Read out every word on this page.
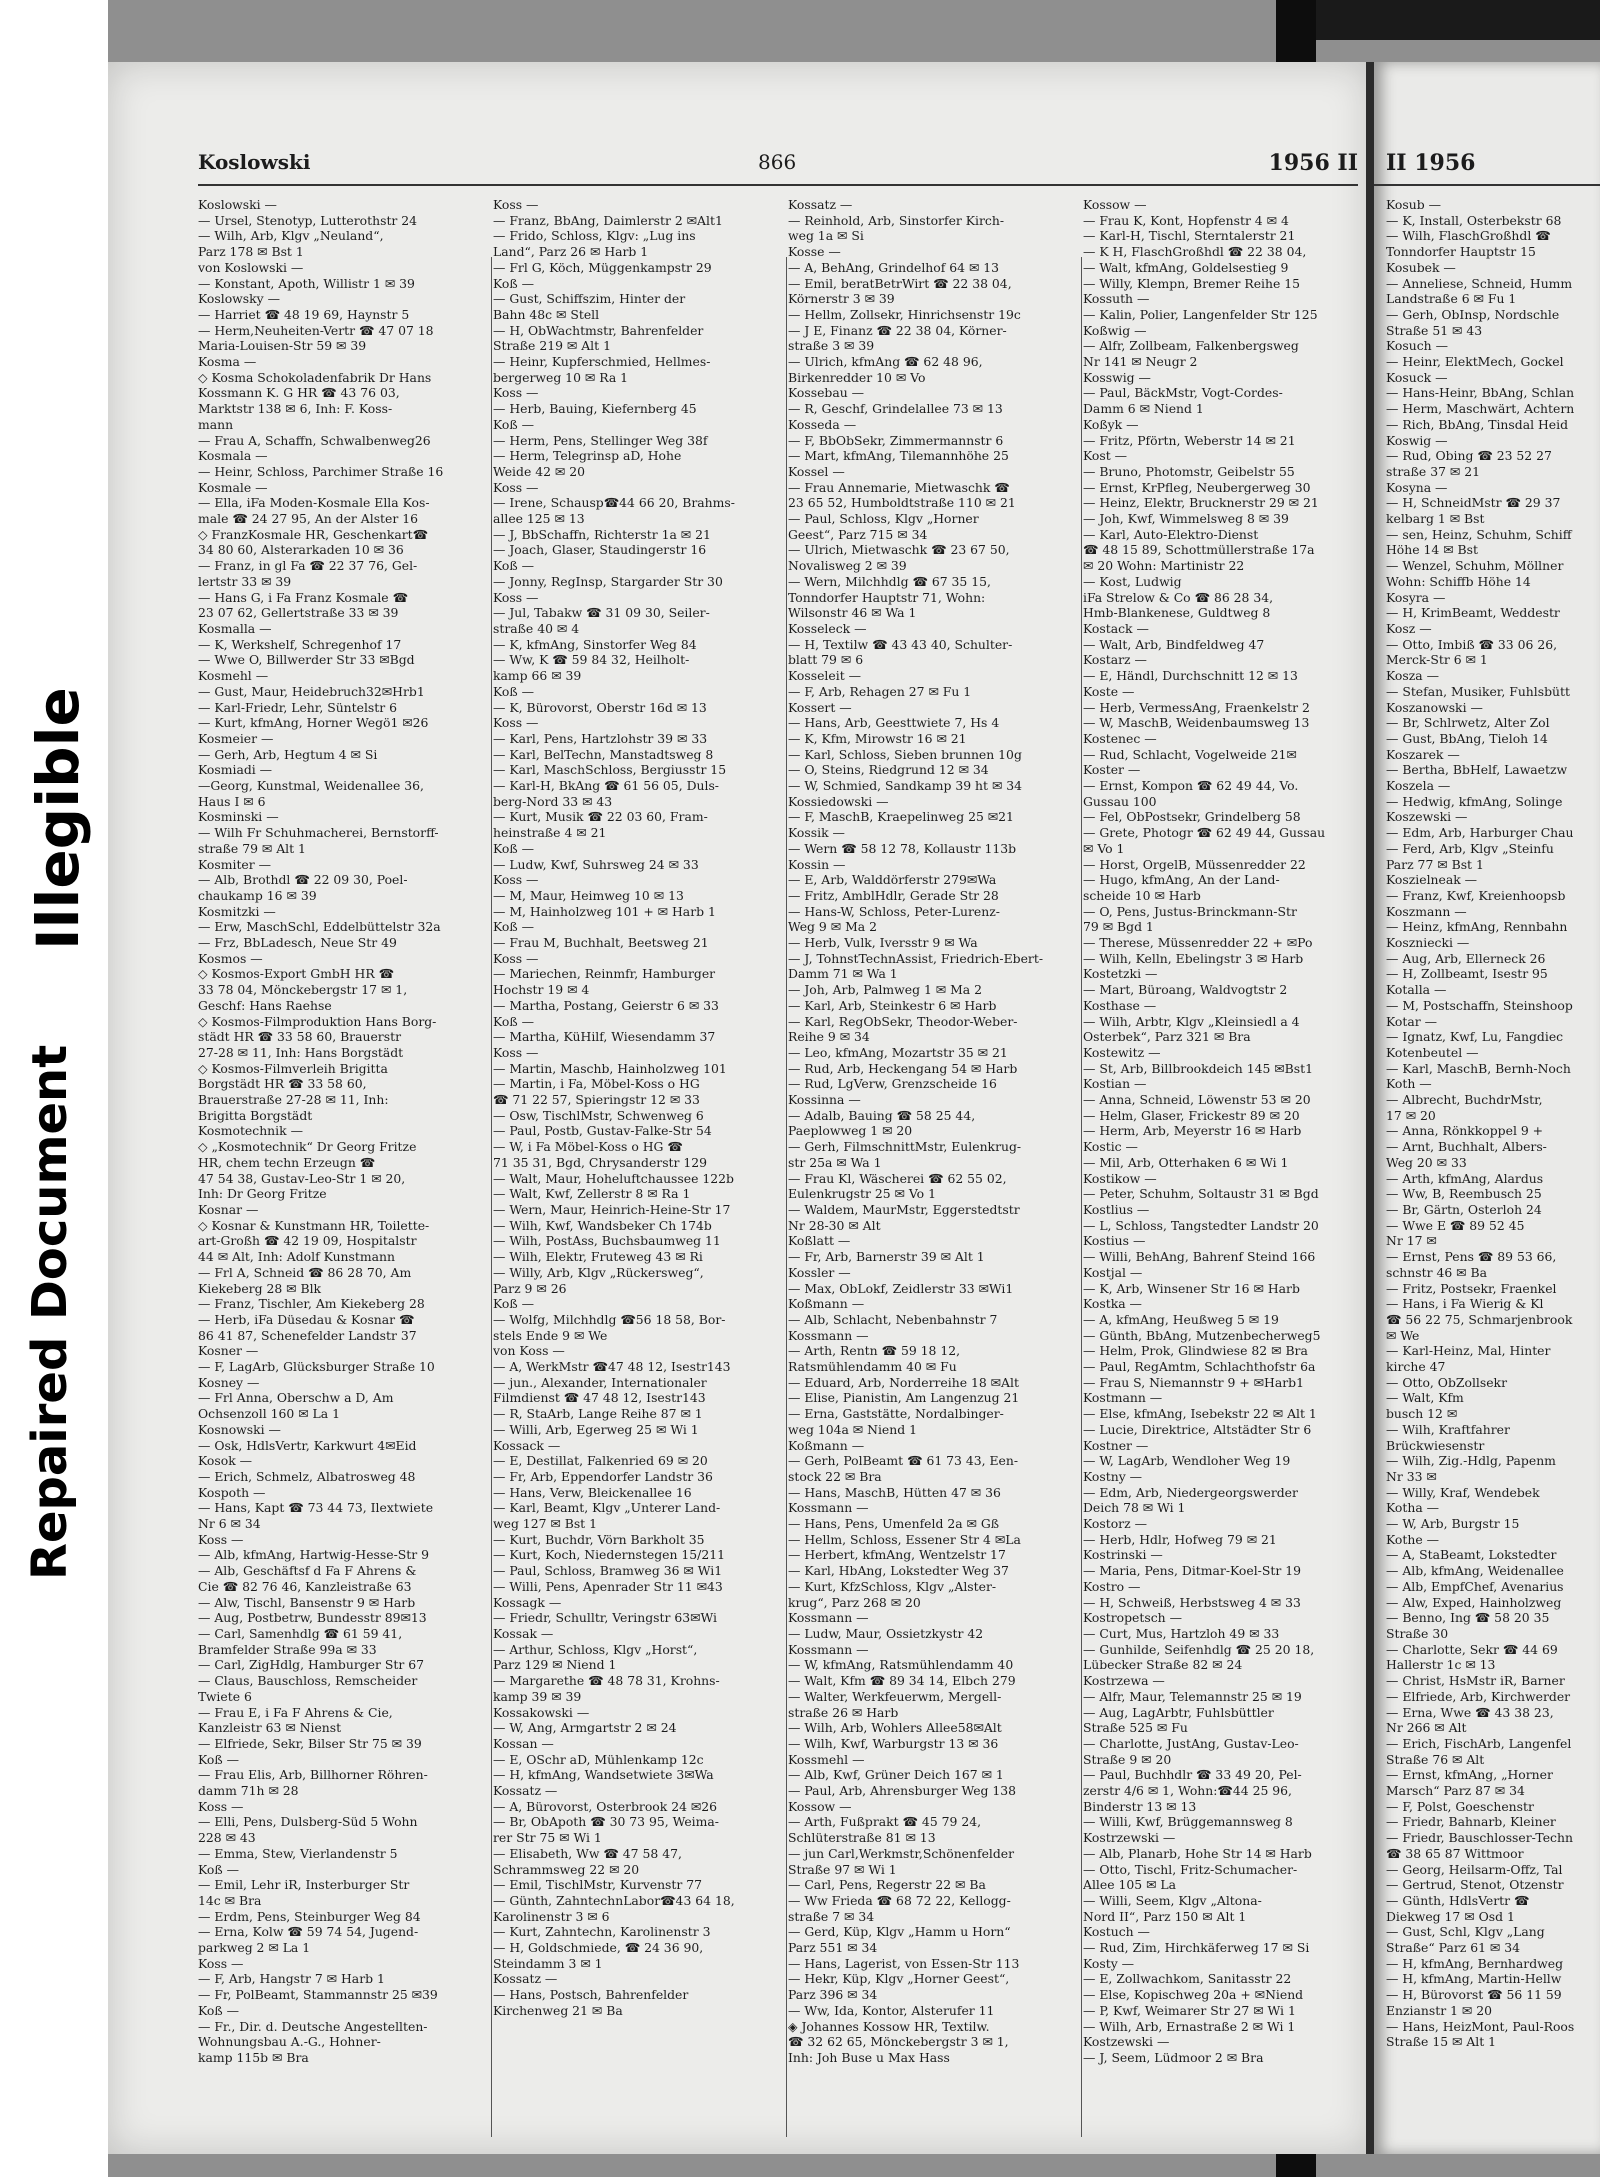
Illegible
Repaired Document
Koslowski	866	1956 II
Koslowski —
— Ursel, Stenotyp, Lutterothstr 24
— Wilh, Arb, Klgv „Neuland“,
Parz 178 ✉ Bst 1
von Koslowski —
— Konstant, Apoth, Willistr 1 ✉ 39
Koslowsky —
— Harriet ☎ 48 19 69, Haynstr 5
— Herm,Neuheiten-Vertr ☎ 47 07 18
Maria-Louisen-Str 59 ✉ 39
Kosma —
◇ Kosma Schokoladenfabrik Dr Hans
Kossmann K. G HR ☎ 43 76 03,
Marktstr 138 ✉ 6, Inh: F. Koss-
mann
— Frau A, Schaffn, Schwalbenweg26
Kosmala —
— Heinr, Schloss, Parchimer Straße 16
Kosmale —
— Ella, iFa Moden-Kosmale Ella Kos-
male ☎ 24 27 95, An der Alster 16
◇ FranzKosmale HR, Geschenkart☎
34 80 60, Alsterarkaden 10 ✉ 36
— Franz, in gl Fa ☎ 22 37 76, Gel-
lertstr 33 ✉ 39
— Hans G, i Fa Franz Kosmale ☎
23 07 62, Gellertstraße 33 ✉ 39
Kosmalla —
— K, Werkshelf, Schregenhof 17
— Wwe O, Billwerder Str 33 ✉Bgd
Kosmehl —
— Gust, Maur, Heidebruch32✉Hrb1
— Karl-Friedr, Lehr, Süntelstr 6
— Kurt, kfmAng, Horner Wegö1 ✉26
Kosmeier —
— Gerh, Arb, Hegtum 4 ✉ Si
Kosmiadi —
—Georg, Kunstmal, Weidenallee 36,
Haus I ✉ 6
Kosminski —
— Wilh Fr Schuhmacherei, Bernstorff-
straße 79 ✉ Alt 1
Kosmiter —
— Alb, Brothdl ☎ 22 09 30, Poel-
chaukamp 16 ✉ 39
Kosmitzki —
— Erw, MaschSchl, Eddelbüttelstr 32a
— Frz, BbLadesch, Neue Str 49
Kosmos —
◇ Kosmos-Export GmbH HR ☎
33 78 04, Mönckebergstr 17 ✉ 1,
Geschf: Hans Raehse
◇ Kosmos-Filmproduktion Hans Borg-
städt HR ☎ 33 58 60, Brauerstr
27-28 ✉ 11, Inh: Hans Borgstädt
◇ Kosmos-Filmverleih Brigitta
Borgstädt HR ☎ 33 58 60,
Brauerstraße 27-28 ✉ 11, Inh:
Brigitta Borgstädt
Kosmotechnik —
◇ „Kosmotechnik“ Dr Georg Fritze
HR, chem techn Erzeugn ☎
47 54 38, Gustav-Leo-Str 1 ✉ 20,
Inh: Dr Georg Fritze
Kosnar —
◇ Kosnar & Kunstmann HR, Toilette-
art-Großh ☎ 42 19 09, Hospitalstr
44 ✉ Alt, Inh: Adolf Kunstmann
— Frl A, Schneid ☎ 86 28 70, Am
Kiekeberg 28 ✉ Blk
— Franz, Tischler, Am Kiekeberg 28
— Herb, iFa Düsedau & Kosnar ☎
86 41 87, Schenefelder Landstr 37
Kosner —
— F, LagArb, Glücksburger Straße 10
Kosney —
— Frl Anna, Oberschw a D, Am
Ochsenzoll 160 ✉ La 1
Kosnowski —
— Osk, HdlsVertr, Karkwurt 4✉Eid
Kosok —
— Erich, Schmelz, Albatrosweg 48
Kospoth —
— Hans, Kapt ☎ 73 44 73, Ilextwiete
Nr 6 ✉ 34
Koss —
— Alb, kfmAng, Hartwig-Hesse-Str 9
— Alb, Geschäftsf d Fa F Ahrens &
Cie ☎ 82 76 46, Kanzleistraße 63
— Alw, Tischl, Bansenstr 9 ✉ Harb
— Aug, Postbetrw, Bundesstr 89✉13
— Carl, Samenhdlg ☎ 61 59 41,
Bramfelder Straße 99a ✉ 33
— Carl, ZigHdlg, Hamburger Str 67
— Claus, Bauschloss, Remscheider
Twiete 6
— Frau E, i Fa F Ahrens & Cie,
Kanzleistr 63 ✉ Nienst
— Elfriede, Sekr, Bilser Str 75 ✉ 39
Koß —
— Frau Elis, Arb, Billhorner Röhren-
damm 71h ✉ 28
Koss —
— Elli, Pens, Dulsberg-Süd 5 Wohn
228 ✉ 43
— Emma, Stew, Vierlandenstr 5
Koß —
— Emil, Lehr iR, Insterburger Str
14c ✉ Bra
— Erdm, Pens, Steinburger Weg 84
— Erna, Kolw ☎ 59 74 54, Jugend-
parkweg 2 ✉ La 1
Koss —
— F, Arb, Hangstr 7 ✉ Harb 1
— Fr, PolBeamt, Stammannstr 25 ✉39
Koß —
— Fr., Dir. d. Deutsche Angestellten-
Wohnungsbau A.-G., Hohner-
kamp 115b ✉ Bra
Koss —
— Franz, BbAng, Daimlerstr 2 ✉Alt1
— Frido, Schloss, Klgv: „Lug ins
Land“, Parz 26 ✉ Harb 1
— Frl G, Köch, Müggenkampstr 29
Koß —
— Gust, Schiffszim, Hinter der
Bahn 48c ✉ Stell
— H, ObWachtmstr, Bahrenfelder
Straße 219 ✉ Alt 1
— Heinr, Kupferschmied, Hellmes-
bergerweg 10 ✉ Ra 1
Koss —
— Herb, Bauing, Kiefernberg 45
Koß —
— Herm, Pens, Stellinger Weg 38f
— Herm, Telegrinsp aD, Hohe
Weide 42 ✉ 20
Koss —
— Irene, Schausp☎44 66 20, Brahms-
allee 125 ✉ 13
— J, BbSchaffn, Richterstr 1a ✉ 21
— Joach, Glaser, Staudingerstr 16
Koß —
— Jonny, RegInsp, Stargarder Str 30
Koss —
— Jul, Tabakw ☎ 31 09 30, Seiler-
straße 40 ✉ 4
— K, kfmAng, Sinstorfer Weg 84
— Ww, K ☎ 59 84 32, Heilholt-
kamp 66 ✉ 39
Koß —
— K, Bürovorst, Oberstr 16d ✉ 13
Koss —
— Karl, Pens, Hartzlohstr 39 ✉ 33
— Karl, BelTechn, Manstadtsweg 8
— Karl, MaschSchloss, Bergiusstr 15
— Karl-H, BkAng ☎ 61 56 05, Duls-
berg-Nord 33 ✉ 43
— Kurt, Musik ☎ 22 03 60, Fram-
heinstraße 4 ✉ 21
Koß —
— Ludw, Kwf, Suhrsweg 24 ✉ 33
Koss —
— M, Maur, Heimweg 10 ✉ 13
— M, Hainholzweg 101 + ✉ Harb 1
Koß —
— Frau M, Buchhalt, Beetsweg 21
Koss —
— Mariechen, Reinmfr, Hamburger
Hochstr 19 ✉ 4
— Martha, Postang, Geierstr 6 ✉ 33
Koß —
— Martha, KüHilf, Wiesendamm 37
Koss —
— Martin, Maschb, Hainholzweg 101
— Martin, i Fa, Möbel-Koss o HG
☎ 71 22 57, Spieringstr 12 ✉ 33
— Osw, TischlMstr, Schwenweg 6
— Paul, Postb, Gustav-Falke-Str 54
— W, i Fa Möbel-Koss o HG ☎
71 35 31, Bgd, Chrysanderstr 129
— Walt, Maur, Hoheluftchaussee 122b
— Walt, Kwf, Zellerstr 8 ✉ Ra 1
— Wern, Maur, Heinrich-Heine-Str 17
— Wilh, Kwf, Wandsbeker Ch 174b
— Wilh, PostAss, Buchsbaumweg 11
— Wilh, Elektr, Fruteweg 43 ✉ Ri
— Willy, Arb, Klgv „Rückersweg“,
Parz 9 ✉ 26
Koß —
— Wolfg, Milchhdlg ☎56 18 58, Bor-
stels Ende 9 ✉ We
von Koss —
— A, WerkMstr ☎47 48 12, Isestr143
— jun., Alexander, Internationaler
Filmdienst ☎ 47 48 12, Isestr143
— R, StaArb, Lange Reihe 87 ✉ 1
— Willi, Arb, Egerweg 25 ✉ Wi 1
Kossack —
— E, Destillat, Falkenried 69 ✉ 20
— Fr, Arb, Eppendorfer Landstr 36
— Hans, Verw, Bleickenallee 16
— Karl, Beamt, Klgv „Unterer Land-
weg 127 ✉ Bst 1
— Kurt, Buchdr, Vörn Barkholt 35
— Kurt, Koch, Niedernstegen 15/211
— Paul, Schloss, Bramweg 36 ✉ Wi1
— Willi, Pens, Apenrader Str 11 ✉43
Kossagk —
— Friedr, Schulltr, Veringstr 63✉Wi
Kossak —
— Arthur, Schloss, Klgv „Horst“,
Parz 129 ✉ Niend 1
— Margarethe ☎ 48 78 31, Krohns-
kamp 39 ✉ 39
Kossakowski —
— W, Ang, Armgartstr 2 ✉ 24
Kossan —
— E, OSchr aD, Mühlenkamp 12c
— H, kfmAng, Wandsetwiete 3✉Wa
Kossatz —
— A, Bürovorst, Osterbrook 24 ✉26
— Br, ObApoth ☎ 30 73 95, Weima-
rer Str 75 ✉ Wi 1
— Elisabeth, Ww ☎ 47 58 47,
Schrammsweg 22 ✉ 20
— Emil, TischlMstr, Kurvenstr 77
— Günth, ZahntechnLabor☎43 64 18,
Karolinenstr 3 ✉ 6
— Kurt, Zahntechn, Karolinenstr 3
— H, Goldschmiede, ☎ 24 36 90,
Steindamm 3 ✉ 1
Kossatz —
— Hans, Postsch, Bahrenfelder
Kirchenweg 21 ✉ Ba
Kossatz —
— Reinhold, Arb, Sinstorfer Kirch-
weg 1a ✉ Si
Kosse —
— A, BehAng, Grindelhof 64 ✉ 13
— Emil, beratBetrWirt ☎ 22 38 04,
Körnerstr 3 ✉ 39
— Hellm, Zollsekr, Hinrichsenstr 19c
— J E, Finanz ☎ 22 38 04, Körner-
straße 3 ✉ 39
— Ulrich, kfmAng ☎ 62 48 96,
Birkenredder 10 ✉ Vo
Kossebau —
— R, Geschf, Grindelallee 73 ✉ 13
Kosseda —
— F, BbObSekr, Zimmermannstr 6
— Mart, kfmAng, Tilemannhöhe 25
Kossel —
— Frau Annemarie, Mietwaschk ☎
23 65 52, Humboldtstraße 110 ✉ 21
— Paul, Schloss, Klgv „Horner
Geest“, Parz 715 ✉ 34
— Ulrich, Mietwaschk ☎ 23 67 50,
Novalisweg 2 ✉ 39
— Wern, Milchhdlg ☎ 67 35 15,
Tonndorfer Hauptstr 71, Wohn:
Wilsonstr 46 ✉ Wa 1
Kosseleck —
— H, Textilw ☎ 43 43 40, Schulter-
blatt 79 ✉ 6
Kosseleit —
— F, Arb, Rehagen 27 ✉ Fu 1
Kossert —
— Hans, Arb, Geesttwiete 7, Hs 4
— K, Kfm, Mirowstr 16 ✉ 21
— Karl, Schloss, Sieben brunnen 10g
— O, Steins, Riedgrund 12 ✉ 34
— W, Schmied, Sandkamp 39 ht ✉ 34
Kossiedowski —
— F, MaschB, Kraepelinweg 25 ✉21
Kossik —
— Wern ☎ 58 12 78, Kollaustr 113b
Kossin —
— E, Arb, Walddörferstr 279✉Wa
— Fritz, AmblHdlr, Gerade Str 28
— Hans-W, Schloss, Peter-Lurenz-
Weg 9 ✉ Ma 2
— Herb, Vulk, Iversstr 9 ✉ Wa
— J, TohnstTechnAssist, Friedrich-Ebert-
Damm 71 ✉ Wa 1
— Joh, Arb, Palmweg 1 ✉ Ma 2
— Karl, Arb, Steinkestr 6 ✉ Harb
— Karl, RegObSekr, Theodor-Weber-
Reihe 9 ✉ 34
— Leo, kfmAng, Mozartstr 35 ✉ 21
— Rud, Arb, Heckengang 54 ✉ Harb
— Rud, LgVerw, Grenzscheide 16
Kossinna —
— Adalb, Bauing ☎ 58 25 44,
Paeplowweg 1 ✉ 20
— Gerh, FilmschnittMstr, Eulenkrug-
str 25a ✉ Wa 1
— Frau Kl, Wäscherei ☎ 62 55 02,
Eulenkrugstr 25 ✉ Vo 1
— Waldem, MaurMstr, Eggerstedtstr
Nr 28-30 ✉ Alt
Koßlatt —
— Fr, Arb, Barnerstr 39 ✉ Alt 1
Kossler —
— Max, ObLokf, Zeidlerstr 33 ✉Wi1
Koßmann —
— Alb, Schlacht, Nebenbahnstr 7
Kossmann —
— Arth, Rentn ☎ 59 18 12,
Ratsmühlendamm 40 ✉ Fu
— Eduard, Arb, Norderreihe 18 ✉Alt
— Elise, Pianistin, Am Langenzug 21
— Erna, Gaststätte, Nordalbinger-
weg 104a ✉ Niend 1
Koßmann —
— Gerh, PolBeamt ☎ 61 73 43, Een-
stock 22 ✉ Bra
— Hans, MaschB, Hütten 47 ✉ 36
Kossmann —
— Hans, Pens, Umenfeld 2a ✉ Gß
— Hellm, Schloss, Essener Str 4 ✉La
— Herbert, kfmAng, Wentzelstr 17
— Karl, HbAng, Lokstedter Weg 37
— Kurt, KfzSchloss, Klgv „Alster-
krug“, Parz 268 ✉ 20
Kossmann —
— Ludw, Maur, Ossietzkystr 42
Kossmann —
— W, kfmAng, Ratsmühlendamm 40
— Walt, Kfm ☎ 89 34 14, Elbch 279
— Walter, Werkfeuerwm, Mergell-
straße 26 ✉ Harb
— Wilh, Arb, Wohlers Allee58✉Alt
— Wilh, Kwf, Warburgstr 13 ✉ 36
Kossmehl —
— Alb, Kwf, Grüner Deich 167 ✉ 1
— Paul, Arb, Ahrensburger Weg 138
Kossow —
— Arth, Fußprakt ☎ 45 79 24,
Schlüterstraße 81 ✉ 13
— jun Carl,Werkmstr,Schönenfelder
Straße 97 ✉ Wi 1
— Carl, Pens, Regerstr 22 ✉ Ba
— Ww Frieda ☎ 68 72 22, Kellogg-
straße 7 ✉ 34
— Gerd, Küp, Klgv „Hamm u Horn“
Parz 551 ✉ 34
— Hans, Lagerist, von Essen-Str 113
— Hekr, Küp, Klgv „Horner Geest“,
Parz 396 ✉ 34
— Ww, Ida, Kontor, Alsterufer 11
◈ Johannes Kossow HR, Textilw.
☎ 32 62 65, Mönckebergstr 3 ✉ 1,
Inh: Joh Buse u Max Hass
Kossow —
— Frau K, Kont, Hopfenstr 4 ✉ 4
— Karl-H, Tischl, Sterntalerstr 21
— K H, FlaschGroßhdl ☎ 22 38 04,
— Walt, kfmAng, Goldelsestieg 9
— Willy, Klempn, Bremer Reihe 15
Kossuth —
— Kalin, Polier, Langenfelder Str 125
Koßwig —
— Alfr, Zollbeam, Falkenbergsweg
Nr 141 ✉ Neugr 2
Kosswig —
— Paul, BäckMstr, Vogt-Cordes-
Damm 6 ✉ Niend 1
Koßyk —
— Fritz, Pförtn, Weberstr 14 ✉ 21
Kost —
— Bruno, Photomstr, Geibelstr 55
— Ernst, KrPfleg, Neubergerweg 30
— Heinz, Elektr, Brucknerstr 29 ✉ 21
— Joh, Kwf, Wimmelsweg 8 ✉ 39
— Karl, Auto-Elektro-Dienst
☎ 48 15 89, Schottmüllerstraße 17a
✉ 20 Wohn: Martinistr 22
— Kost, Ludwig
iFa Strelow & Co ☎ 86 28 34,
Hmb-Blankenese, Guldtweg 8
Kostack —
— Walt, Arb, Bindfeldweg 47
Kostarz —
— E, Händl, Durchschnitt 12 ✉ 13
Koste —
— Herb, VermessAng, Fraenkelstr 2
— W, MaschB, Weidenbaumsweg 13
Kostenec —
— Rud, Schlacht, Vogelweide 21✉
Koster —
— Ernst, Kompon ☎ 62 49 44, Vo.
Gussau 100
— Fel, ObPostsekr, Grindelberg 58
— Grete, Photogr ☎ 62 49 44, Gussau
✉ Vo 1
— Horst, OrgelB, Müssenredder 22
— Hugo, kfmAng, An der Land-
scheide 10 ✉ Harb
— O, Pens, Justus-Brinckmann-Str
79 ✉ Bgd 1
— Therese, Müssenredder 22 + ✉Po
— Wilh, Kelln, Ebelingstr 3 ✉ Harb
Kostetzki —
— Mart, Büroang, Waldvogtstr 2
Kosthase —
— Wilh, Arbtr, Klgv „Kleinsiedl a 4
Osterbek“, Parz 321 ✉ Bra
Kostewitz —
— St, Arb, Billbrookdeich 145 ✉Bst1
Kostian —
— Anna, Schneid, Löwenstr 53 ✉ 20
— Helm, Glaser, Frickestr 89 ✉ 20
— Herm, Arb, Meyerstr 16 ✉ Harb
Kostic —
— Mil, Arb, Otterhaken 6 ✉ Wi 1
Kostikow —
— Peter, Schuhm, Soltaustr 31 ✉ Bgd
Kostlius —
— L, Schloss, Tangstedter Landstr 20
Kostius —
— Willi, BehAng, Bahrenf Steind 166
Kostjal —
— K, Arb, Winsener Str 16 ✉ Harb
Kostka —
— A, kfmAng, Heußweg 5 ✉ 19
— Günth, BbAng, Mutzenbecherweg5
— Helm, Prok, Glindwiese 82 ✉ Bra
— Paul, RegAmtm, Schlachthofstr 6a
— Frau S, Niemannstr 9 + ✉Harb1
Kostmann —
— Else, kfmAng, Isebekstr 22 ✉ Alt 1
— Lucie, Direktrice, Altstädter Str 6
Kostner —
— W, LagArb, Wendloher Weg 19
Kostny —
— Edm, Arb, Niedergeorgswerder
Deich 78 ✉ Wi 1
Kostorz —
— Herb, Hdlr, Hofweg 79 ✉ 21
Kostrinski —
— Maria, Pens, Ditmar-Koel-Str 19
Kostro —
— H, Schweiß, Herbstsweg 4 ✉ 33
Kostropetsch —
— Curt, Mus, Hartzloh 49 ✉ 33
— Gunhilde, Seifenhdlg ☎ 25 20 18,
Lübecker Straße 82 ✉ 24
Kostrzewa —
— Alfr, Maur, Telemannstr 25 ✉ 19
— Aug, LagArbtr, Fuhlsbüttler
Straße 525 ✉ Fu
— Charlotte, JustAng, Gustav-Leo-
Straße 9 ✉ 20
— Paul, Buchhdlr ☎ 33 49 20, Pel-
zerstr 4/6 ✉ 1, Wohn:☎44 25 96,
Binderstr 13 ✉ 13
— Willi, Kwf, Brüggemannsweg 8
Kostrzewski —
— Alb, Planarb, Hohe Str 14 ✉ Harb
— Otto, Tischl, Fritz-Schumacher-
Allee 105 ✉ La
— Willi, Seem, Klgv „Altona-
Nord II“, Parz 150 ✉ Alt 1
Kostuch —
— Rud, Zim, Hirchkäferweg 17 ✉ Si
Kosty —
— E, Zollwachkom, Sanitasstr 22
— Else, Kopischweg 20a + ✉Niend
— P, Kwf, Weimarer Str 27 ✉ Wi 1
— Wilh, Arb, Ernastraße 2 ✉ Wi 1
Kostzewski —
— J, Seem, Lüdmoor 2 ✉ Bra
II 1956
Kosub —
— K, Install, Osterbekstr 68
— Wilh, FlaschGroßhdl ☎
Tonndorfer Hauptstr 15
Kosubek —
— Anneliese, Schneid, Humm
Landstraße 6 ✉ Fu 1
— Gerh, ObInsp, Nordschle
Straße 51 ✉ 43
Kosuch —
— Heinr, ElektMech, Gockel
Kosuck —
— Hans-Heinr, BbAng, Schlan
— Herm, Maschwärt, Achtern
— Rich, BbAng, Tinsdal Heid
Koswig —
— Rud, Obing ☎ 23 52 27
straße 37 ✉ 21
Kosyna —
— H, SchneidMstr ☎ 29 37
kelbarg 1 ✉ Bst
— sen, Heinz, Schuhm, Schiff
Höhe 14 ✉ Bst
— Wenzel, Schuhm, Möllner
Wohn: Schiffb Höhe 14
Kosyra —
— H, KrimBeamt, Weddestr
Kosz —
— Otto, Imbiß ☎ 33 06 26,
Merck-Str 6 ✉ 1
Kosza —
— Stefan, Musiker, Fuhlsbütt
Koszanowski —
— Br, Schlrwetz, Alter Zol
— Gust, BbAng, Tieloh 14
Koszarek —
— Bertha, BbHelf, Lawaetzw
Koszela —
— Hedwig, kfmAng, Solinge
Koszewski —
— Edm, Arb, Harburger Chau
— Ferd, Arb, Klgv „Steinfu
Parz 77 ✉ Bst 1
Koszielneak —
— Franz, Kwf, Kreienhoopsb
Koszmann —
— Heinz, kfmAng, Rennbahn
Koszniecki —
— Aug, Arb, Ellerneck 26
— H, Zollbeamt, Isestr 95
Kotalla —
— M, Postschaffn, Steinshoop
Kotar —
— Ignatz, Kwf, Lu, Fangdiec
Kotenbeutel —
— Karl, MaschB, Bernh-Noch
Koth —
— Albrecht, BuchdrMstr,
17 ✉ 20
— Anna, Rönkkoppel 9 +
— Arnt, Buchhalt, Albers-
Weg 20 ✉ 33
— Arth, kfmAng, Alardus
— Ww, B, Reembusch 25
— Br, Gärtn, Osterloh 24
— Wwe E ☎ 89 52 45
Nr 17 ✉
— Ernst, Pens ☎ 89 53 66,
schnstr 46 ✉ Ba
— Fritz, Postsekr, Fraenkel
— Hans, i Fa Wierig & Kl
☎ 56 22 75, Schmarjenbrook
✉ We
— Karl-Heinz, Mal, Hinter
kirche 47
— Otto, ObZollsekr
— Walt, Kfm
busch 12 ✉
— Wilh, Kraftfahrer
Brückwiesenstr
— Wilh, Zig.-Hdlg, Papenm
Nr 33 ✉
— Willy, Kraf, Wendebek
Kotha —
— W, Arb, Burgstr 15
Kothe —
— A, StaBeamt, Lokstedter
— Alb, kfmAng, Weidenallee
— Alb, EmpfChef, Avenarius
— Alw, Exped, Hainholzweg
— Benno, Ing ☎ 58 20 35
Straße 30
— Charlotte, Sekr ☎ 44 69
Hallerstr 1c ✉ 13
— Christ, HsMstr iR, Barner
— Elfriede, Arb, Kirchwerder
— Erna, Wwe ☎ 43 38 23,
Nr 266 ✉ Alt
— Erich, FischArb, Langenfel
Straße 76 ✉ Alt
— Ernst, kfmAng, „Horner
Marsch“ Parz 87 ✉ 34
— F, Polst, Goeschenstr
— Friedr, Bahnarb, Kleiner
— Friedr, Bauschlosser-Techn
☎ 38 65 87 Wittmoor
— Georg, Heilsarm-Offz, Tal
— Gertrud, Stenot, Otzenstr
— Günth, HdlsVertr ☎
Diekweg 17 ✉ Osd 1
— Gust, Schl, Klgv „Lang
Straße“ Parz 61 ✉ 34
— H, kfmAng, Bernhardweg
— H, kfmAng, Martin-Hellw
— H, Bürovorst ☎ 56 11 59
Enzianstr 1 ✉ 20
— Hans, HeizMont, Paul-Roos
Straße 15 ✉ Alt 1
